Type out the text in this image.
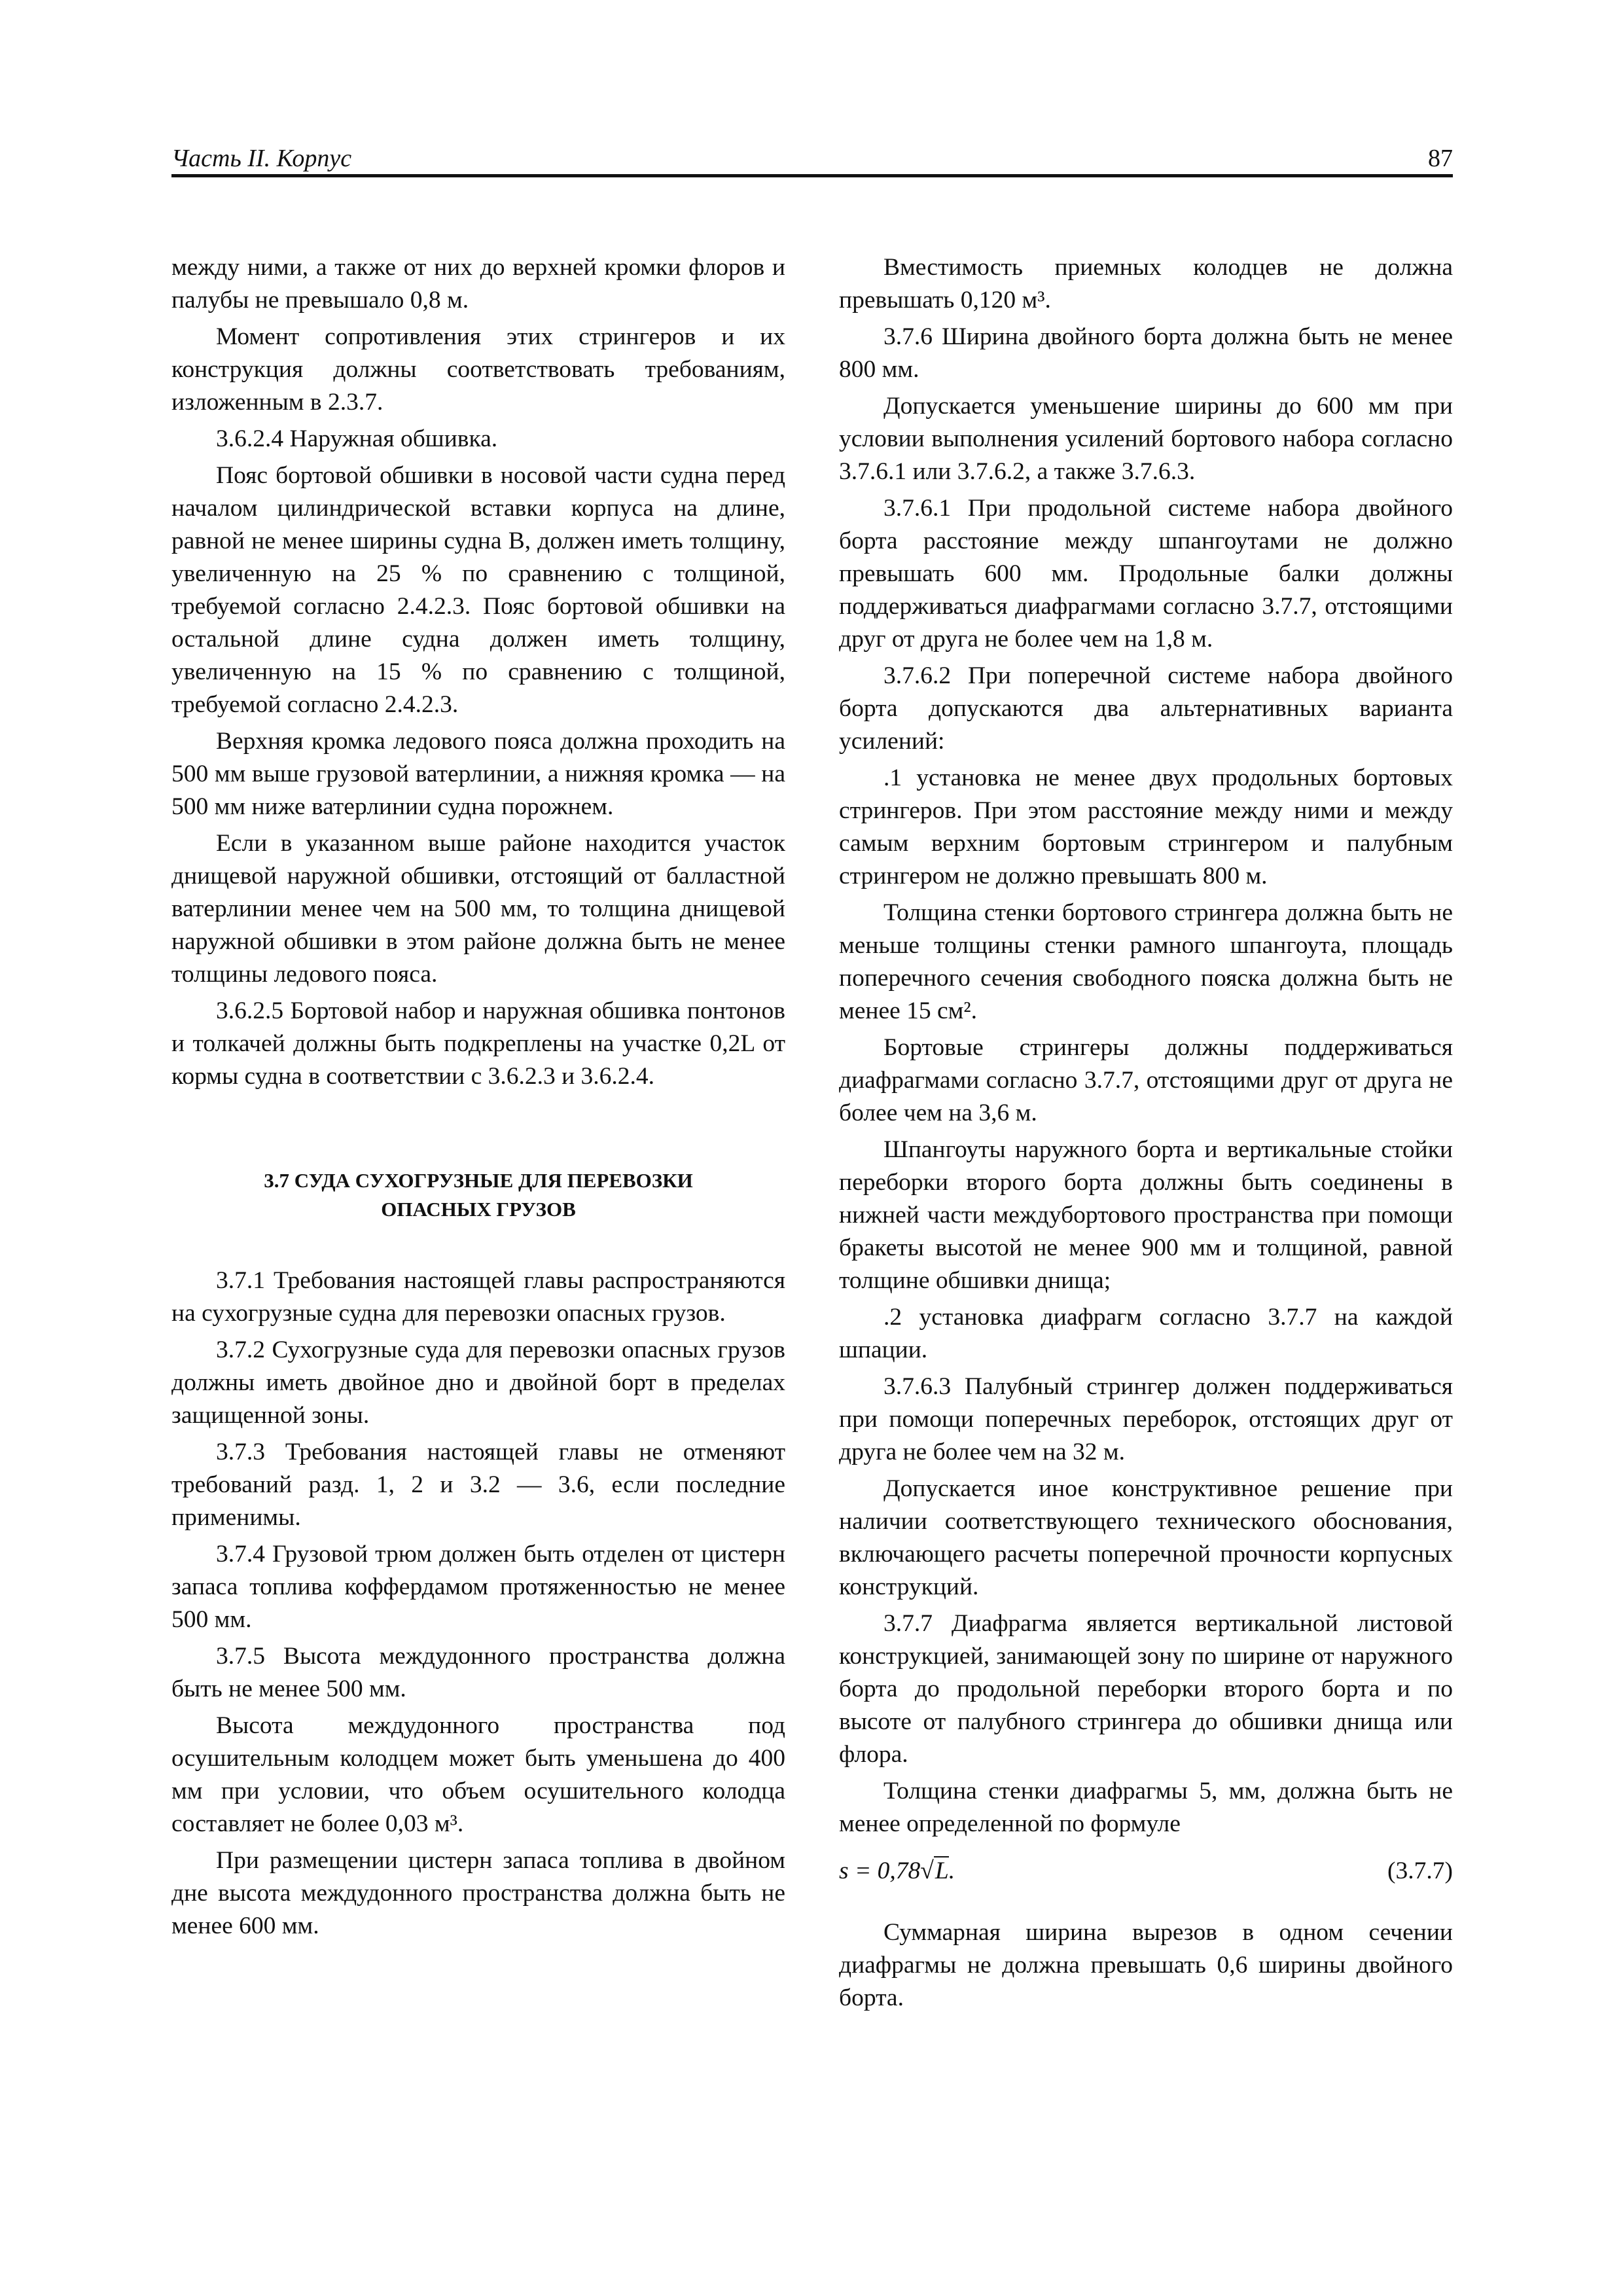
Часть II. Корпус	87

между ними, а также от них до верхней кромки флоров и палубы не превышало 0,8 м.

Момент сопротивления этих стрингеров и их конструкция должны соответствовать требованиям, изложенным в 2.3.7.

3.6.2.4 Наружная обшивка.

Пояс бортовой обшивки в носовой части судна перед началом цилиндрической вставки корпуса на длине, равной не менее ширины судна B, должен иметь толщину, увеличенную на 25 % по сравнению с толщиной, требуемой согласно 2.4.2.3. Пояс бортовой обшивки на остальной длине судна должен иметь толщину, увеличенную на 15 % по сравнению с толщиной, требуемой согласно 2.4.2.3.

Верхняя кромка ледового пояса должна проходить на 500 мм выше грузовой ватерлинии, а нижняя кромка — на 500 мм ниже ватерлинии судна порожнем.

Если в указанном выше районе находится участок днищевой наружной обшивки, отстоящий от балластной ватерлинии менее чем на 500 мм, то толщина днищевой наружной обшивки в этом районе должна быть не менее толщины ледового пояса.

3.6.2.5 Бортовой набор и наружная обшивка понтонов и толкачей должны быть подкреплены на участке 0,2L от кормы судна в соответствии с 3.6.2.3 и 3.6.2.4.

3.7 СУДА СУХОГРУЗНЫЕ ДЛЯ ПЕРЕВОЗКИ
ОПАСНЫХ ГРУЗОВ

3.7.1 Требования настоящей главы распространяются на сухогрузные судна для перевозки опасных грузов.

3.7.2 Сухогрузные суда для перевозки опасных грузов должны иметь двойное дно и двойной борт в пределах защищенной зоны.

3.7.3 Требования настоящей главы не отменяют требований разд. 1, 2 и 3.2 — 3.6, если последние применимы.

3.7.4 Грузовой трюм должен быть отделен от цистерн запаса топлива коффердамом протяженностью не менее 500 мм.

3.7.5 Высота междудонного пространства должна быть не менее 500 мм.

Высота междудонного пространства под осушительным колодцем может быть уменьшена до 400 мм при условии, что объем осушительного колодца составляет не более 0,03 м³.

При размещении цистерн запаса топлива в двойном дне высота междудонного пространства должна быть не менее 600 мм.

Вместимость приемных колодцев не должна превышать 0,120 м³.

3.7.6 Ширина двойного борта должна быть не менее 800 мм.

Допускается уменьшение ширины до 600 мм при условии выполнения усилений бортового набора согласно 3.7.6.1 или 3.7.6.2, а также 3.7.6.3.

3.7.6.1 При продольной системе набора двойного борта расстояние между шпангоутами не должно превышать 600 мм. Продольные балки должны поддерживаться диафрагмами согласно 3.7.7, отстоящими друг от друга не более чем на 1,8 м.

3.7.6.2 При поперечной системе набора двойного борта допускаются два альтернативных варианта усилений:

.1 установка не менее двух продольных бортовых стрингеров. При этом расстояние между ними и между самым верхним бортовым стрингером и палубным стрингером не должно превышать 800 м.

Толщина стенки бортового стрингера должна быть не меньше толщины стенки рамного шпангоута, площадь поперечного сечения свободного пояска должна быть не менее 15 см².

Бортовые стрингеры должны поддерживаться диафрагмами согласно 3.7.7, отстоящими друг от друга не более чем на 3,6 м.

Шпангоуты наружного борта и вертикальные стойки переборки второго борта должны быть соединены в нижней части междубортового пространства при помощи бракеты высотой не менее 900 мм и толщиной, равной толщине обшивки днища;

.2 установка диафрагм согласно 3.7.7 на каждой шпации.

3.7.6.3 Палубный стрингер должен поддерживаться при помощи поперечных переборок, отстоящих друг от друга не более чем на 32 м.

Допускается иное конструктивное решение при наличии соответствующего технического обоснования, включающего расчеты поперечной прочности корпусных конструкций.

3.7.7 Диафрагма является вертикальной листовой конструкцией, занимающей зону по ширине от наружного борта до продольной переборки второго борта и по высоте от палубного стрингера до обшивки днища или флора.

Толщина стенки диафрагмы 5, мм, должна быть не менее определенной по формуле

s = 0,78√L.	(3.7.7)

Суммарная ширина вырезов в одном сечении диафрагмы не должна превышать 0,6 ширины двойного борта.
